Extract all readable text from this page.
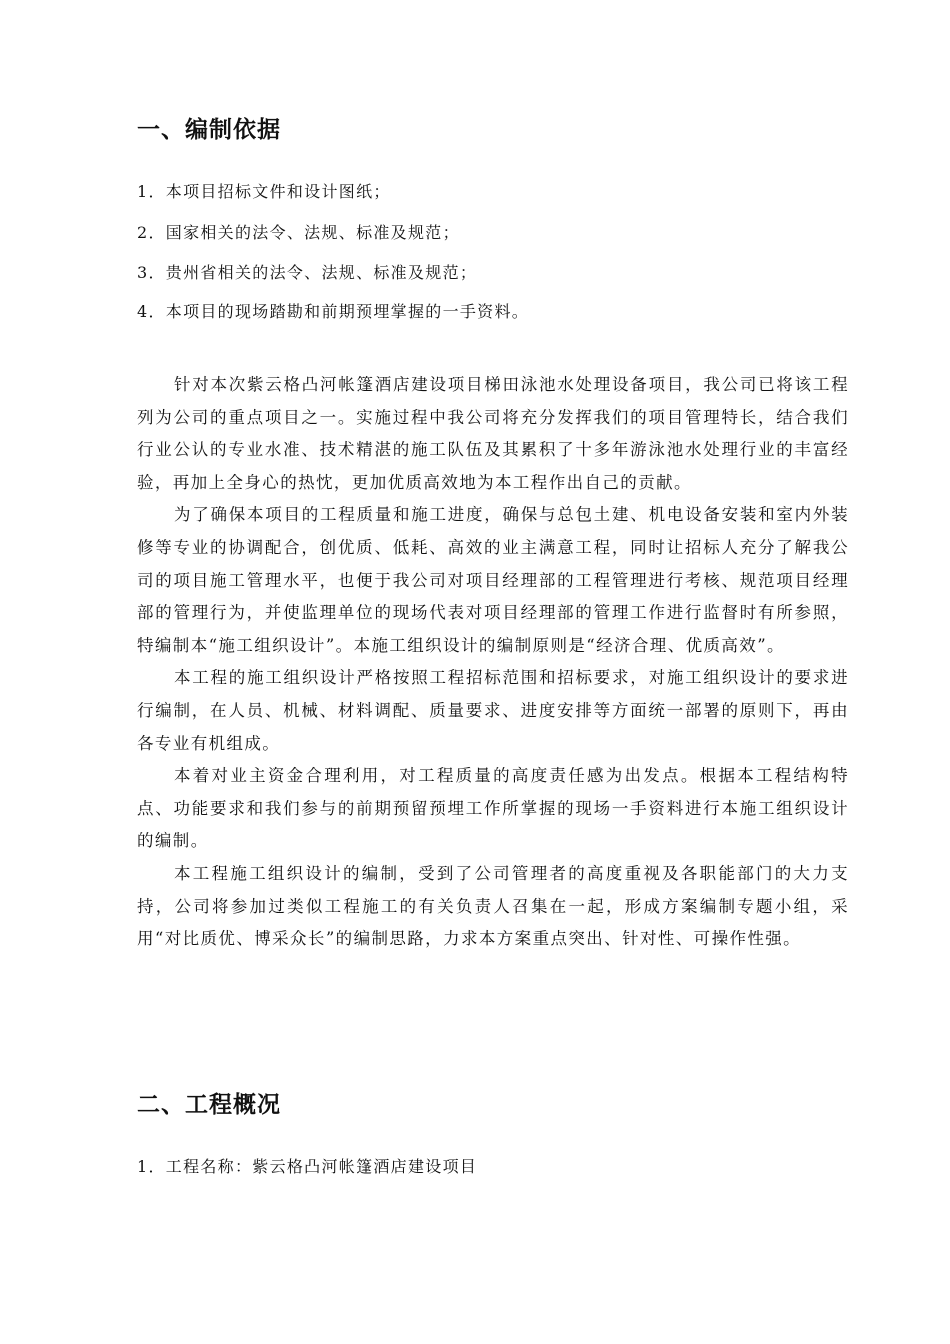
一、编制依据

1．本项目招标文件和设计图纸；

2．国家相关的法令、法规、标准及规范；

3．贵州省相关的法令、法规、标准及规范；

4．本项目的现场踏勘和前期预埋掌握的一手资料。

针对本次紫云格凸河帐篷酒店建设项目梯田泳池水处理设备项目，我公司已将该工程列为公司的重点项目之一。实施过程中我公司将充分发挥我们的项目管理特长，结合我们行业公认的专业水准、技术精湛的施工队伍及其累积了十多年游泳池水处理行业的丰富经验，再加上全身心的热忱，更加优质高效地为本工程作出自己的贡献。

为了确保本项目的工程质量和施工进度，确保与总包土建、机电设备安装和室内外装修等专业的协调配合，创优质、低耗、高效的业主满意工程，同时让招标人充分了解我公司的项目施工管理水平，也便于我公司对项目经理部的工程管理进行考核、规范项目经理部的管理行为，并使监理单位的现场代表对项目经理部的管理工作进行监督时有所参照，特编制本“施工组织设计”。本施工组织设计的编制原则是“经济合理、优质高效”。

本工程的施工组织设计严格按照工程招标范围和招标要求，对施工组织设计的要求进行编制，在人员、机械、材料调配、质量要求、进度安排等方面统一部署的原则下，再由各专业有机组成。

本着对业主资金合理利用，对工程质量的高度责任感为出发点。根据本工程结构特点、功能要求和我们参与的前期预留预埋工作所掌握的现场一手资料进行本施工组织设计的编制。

本工程施工组织设计的编制，受到了公司管理者的高度重视及各职能部门的大力支持，公司将参加过类似工程施工的有关负责人召集在一起，形成方案编制专题小组，采用“对比质优、博采众长”的编制思路，力求本方案重点突出、针对性、可操作性强。

二、工程概况

1．工程名称：紫云格凸河帐篷酒店建设项目
